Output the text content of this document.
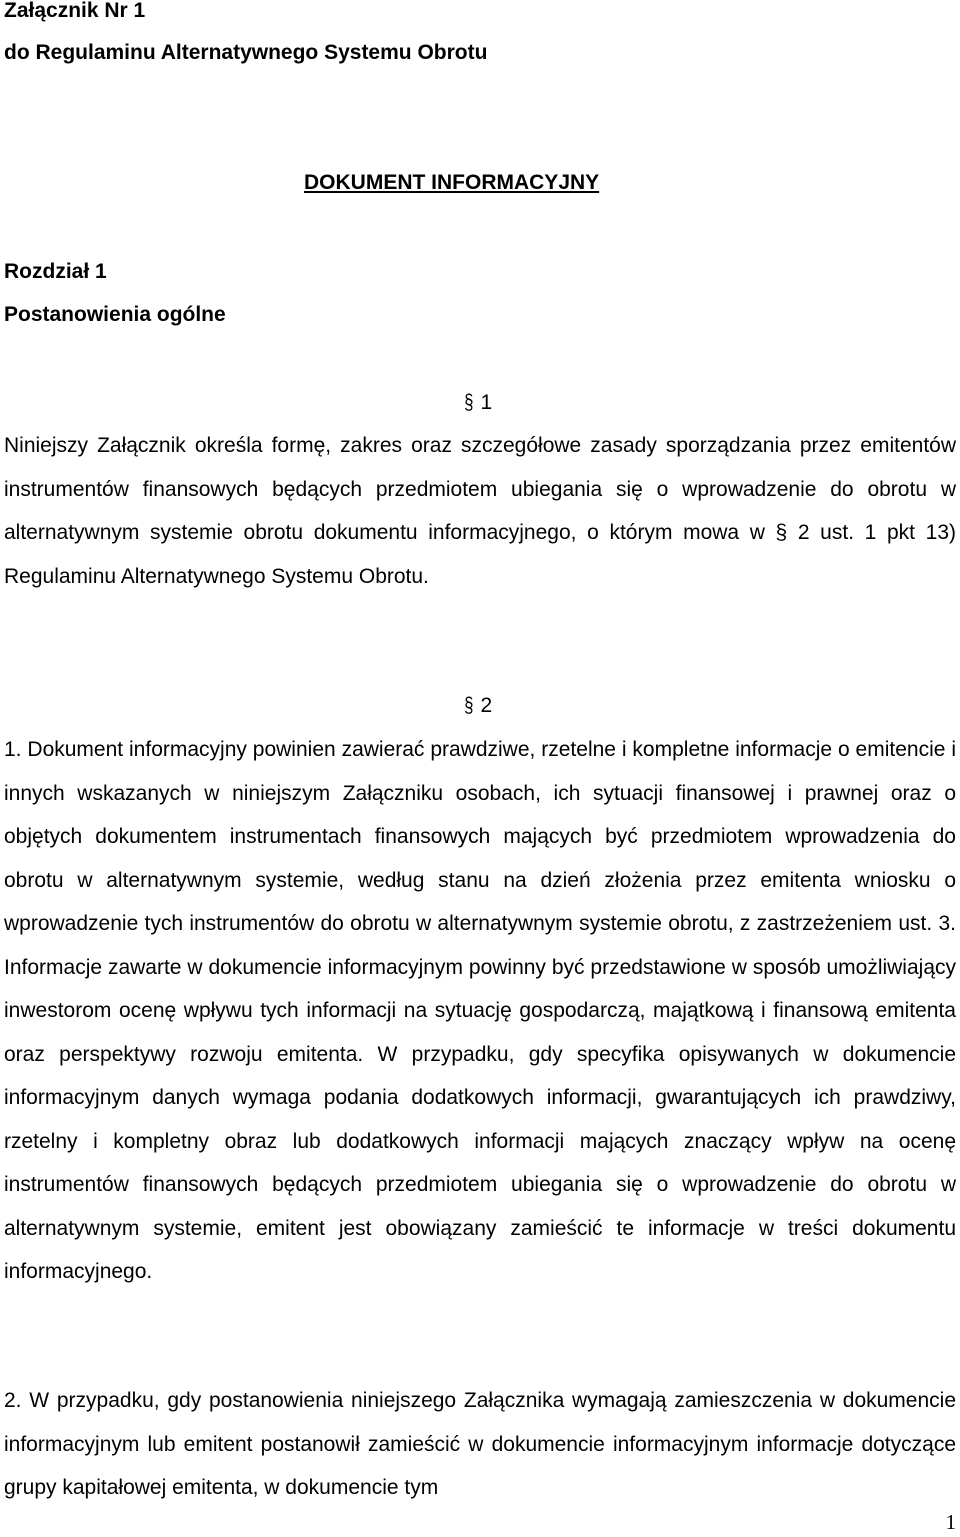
Załącznik Nr 1
do Regulaminu Alternatywnego Systemu Obrotu
DOKUMENT INFORMACYJNY
Rozdział 1
Postanowienia ogólne
§ 1
Niniejszy Załącznik określa formę, zakres oraz szczegółowe zasady sporządzania przez emitentów instrumentów finansowych będących przedmiotem ubiegania się o wprowadzenie do obrotu w alternatywnym systemie obrotu dokumentu informacyjnego, o którym mowa w § 2 ust. 1 pkt 13) Regulaminu Alternatywnego Systemu Obrotu.
§ 2
1. Dokument informacyjny powinien zawierać prawdziwe, rzetelne i kompletne informacje o emitencie i innych wskazanych w niniejszym Załączniku osobach, ich sytuacji finansowej i prawnej oraz o objętych dokumentem instrumentach finansowych mających być przedmiotem wprowadzenia do obrotu w alternatywnym systemie, według stanu na dzień złożenia przez emitenta wniosku o wprowadzenie tych instrumentów do obrotu w alternatywnym systemie obrotu, z zastrzeżeniem ust. 3. Informacje zawarte w dokumencie informacyjnym powinny być przedstawione w sposób umożliwiający inwestorom ocenę wpływu tych informacji na sytuację gospodarczą, majątkową i finansową emitenta oraz perspektywy rozwoju emitenta. W przypadku, gdy specyfika opisywanych w dokumencie informacyjnym danych wymaga podania dodatkowych informacji, gwarantujących ich prawdziwy, rzetelny i kompletny obraz lub dodatkowych informacji mających znaczący wpływ na ocenę instrumentów finansowych będących przedmiotem ubiegania się o wprowadzenie do obrotu w alternatywnym systemie, emitent jest obowiązany zamieścić te informacje w treści dokumentu informacyjnego.
2. W przypadku, gdy postanowienia niniejszego Załącznika wymagają zamieszczenia w dokumencie informacyjnym lub emitent postanowił zamieścić w dokumencie informacyjnym informacje dotyczące grupy kapitałowej emitenta, w dokumencie tym
1
